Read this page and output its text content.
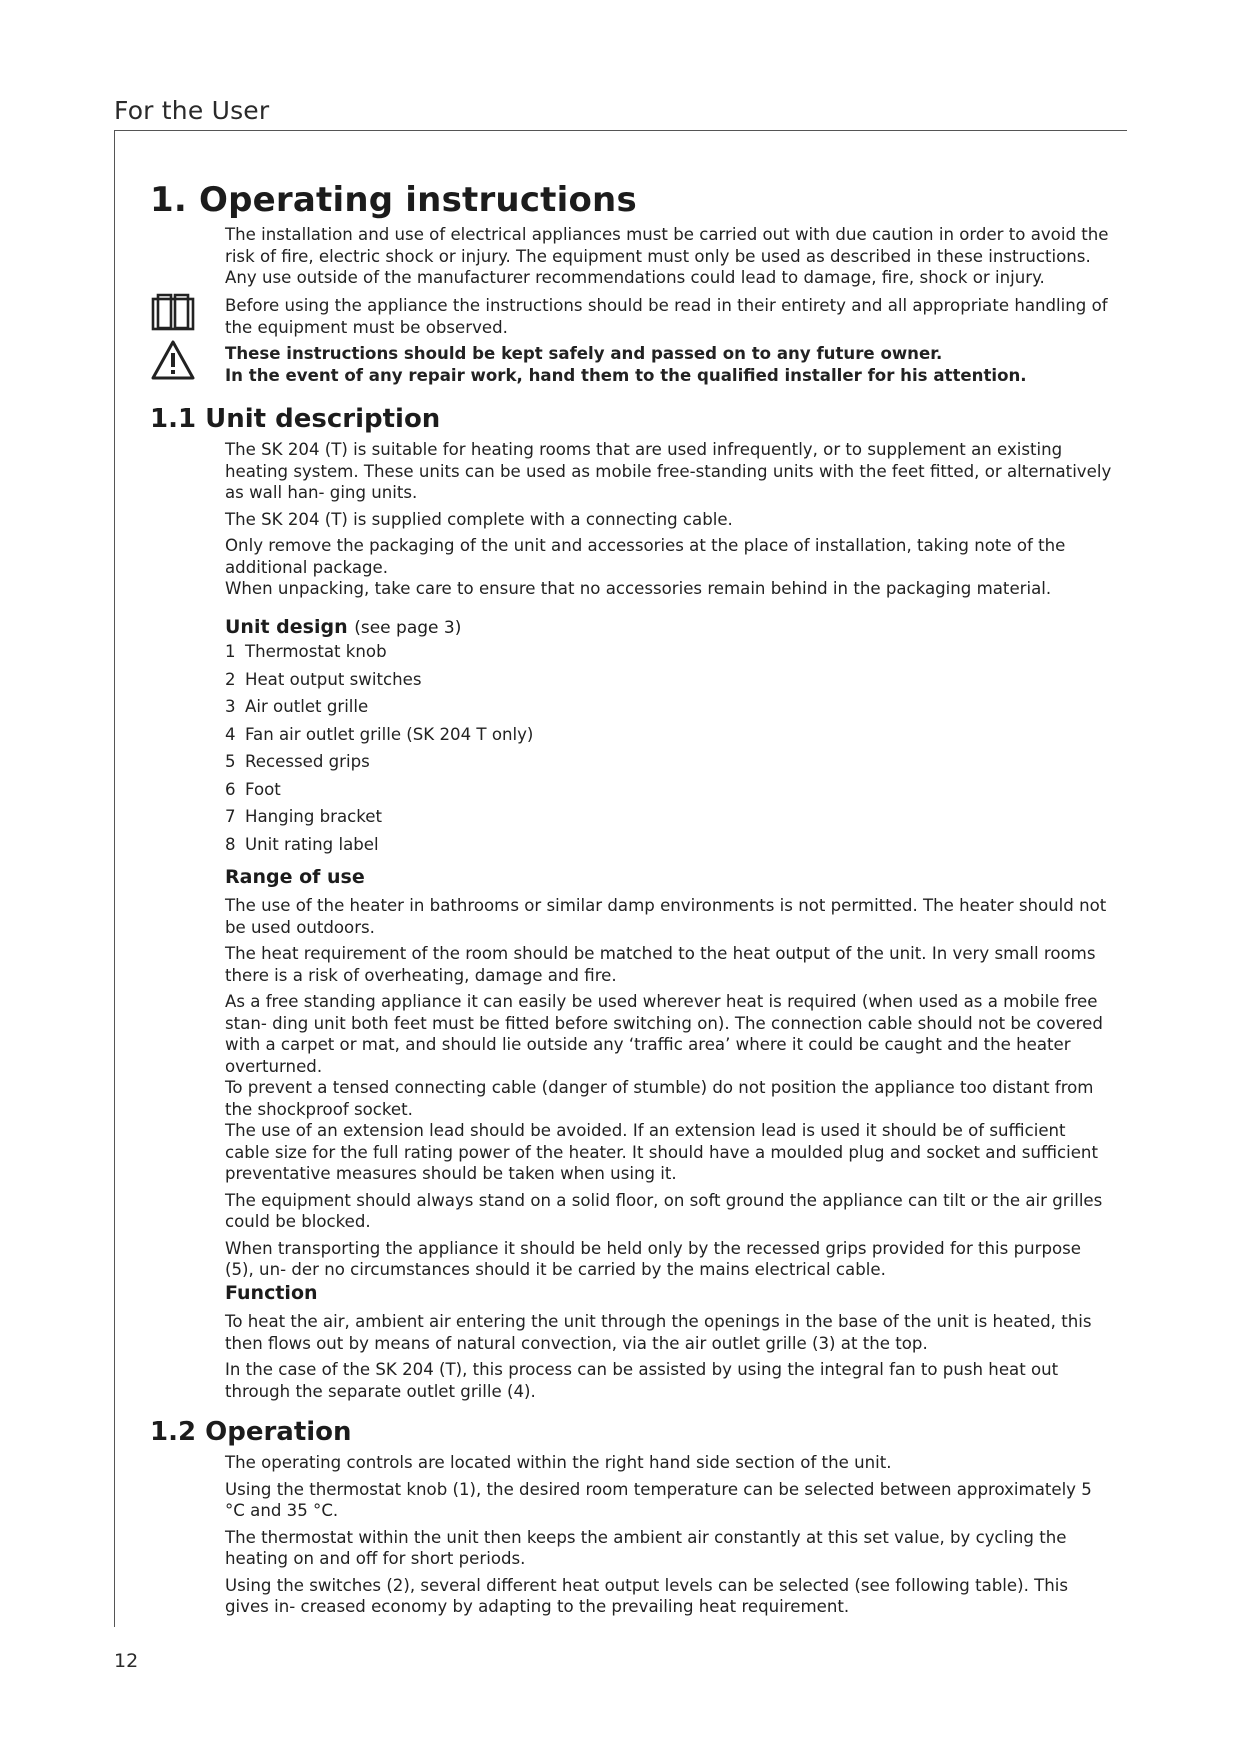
For the User
1. Operating instructions

The installation and use of electrical appliances must be carried out with due caution in order to avoid the risk of fire, electric shock or injury. The equipment must only be used as described in these instructions. Any use outside of the manufacturer recommendations could lead to damage, fire, shock or injury.

Before using the appliance the instructions should be read in their entirety and all appropriate handling of the equipment must be observed.

These instructions should be kept safely and passed on to any future owner.

In the event of any repair work, hand them to the qualified installer for his attention.

1.1 Unit description

The SK 204 (T) is suitable for heating rooms that are used infrequently, or to supplement an existing heating system. These units can be used as mobile free-standing units with the feet fitted, or alternatively as wall han- ging units.

The SK 204 (T) is supplied complete with a connecting cable.

Only remove the packaging of the unit and accessories at the place of installation, taking note of the additional package.

When unpacking, take care to ensure that no accessories remain behind in the packaging material.

Unit design (see page 3)

1 Thermostat knob

2 Heat output switches

3 Air outlet grille

4 Fan air outlet grille (SK 204 T only)

5 Recessed grips

6 Foot

7 Hanging bracket

8 Unit rating label

Range of use

The use of the heater in bathrooms or similar damp environments is not permitted. The heater should not be used outdoors.

The heat requirement of the room should be matched to the heat output of the unit. In very small rooms there is a risk of overheating, damage and fire.

As a free standing appliance it can easily be used wherever heat is required (when used as a mobile free stan- ding unit both feet must be fitted before switching on). The connection cable should not be covered with a carpet or mat, and should lie outside any ‘traffic area’ where it could be caught and the heater overturned.

To prevent a tensed connecting cable (danger of stumble) do not position the appliance too distant from the shockproof socket.

The use of an extension lead should be avoided. If an extension lead is used it should be of sufficient cable size for the full rating power of the heater. It should have a moulded plug and socket and sufficient preventative measures should be taken when using it.

The equipment should always stand on a solid floor, on soft ground the appliance can tilt or the air grilles could be blocked.

When transporting the appliance it should be held only by the recessed grips provided for this purpose (5), un- der no circumstances should it be carried by the mains electrical cable.

Function

To heat the air, ambient air entering the unit through the openings in the base of the unit is heated, this then flows out by means of natural convection, via the air outlet grille (3) at the top.

In the case of the SK 204 (T), this process can be assisted by using the integral fan to push heat out through the separate outlet grille (4).

1.2 Operation

The operating controls are located within the right hand side section of the unit.

Using the thermostat knob (1), the desired room temperature can be selected between approximately 5 °C and 35 °C.

The thermostat within the unit then keeps the ambient air constantly at this set value, by cycling the heating on and off for short periods.

Using the switches (2), several different heat output levels can be selected (see following table). This gives in- creased economy by adapting to the prevailing heat requirement.

12
